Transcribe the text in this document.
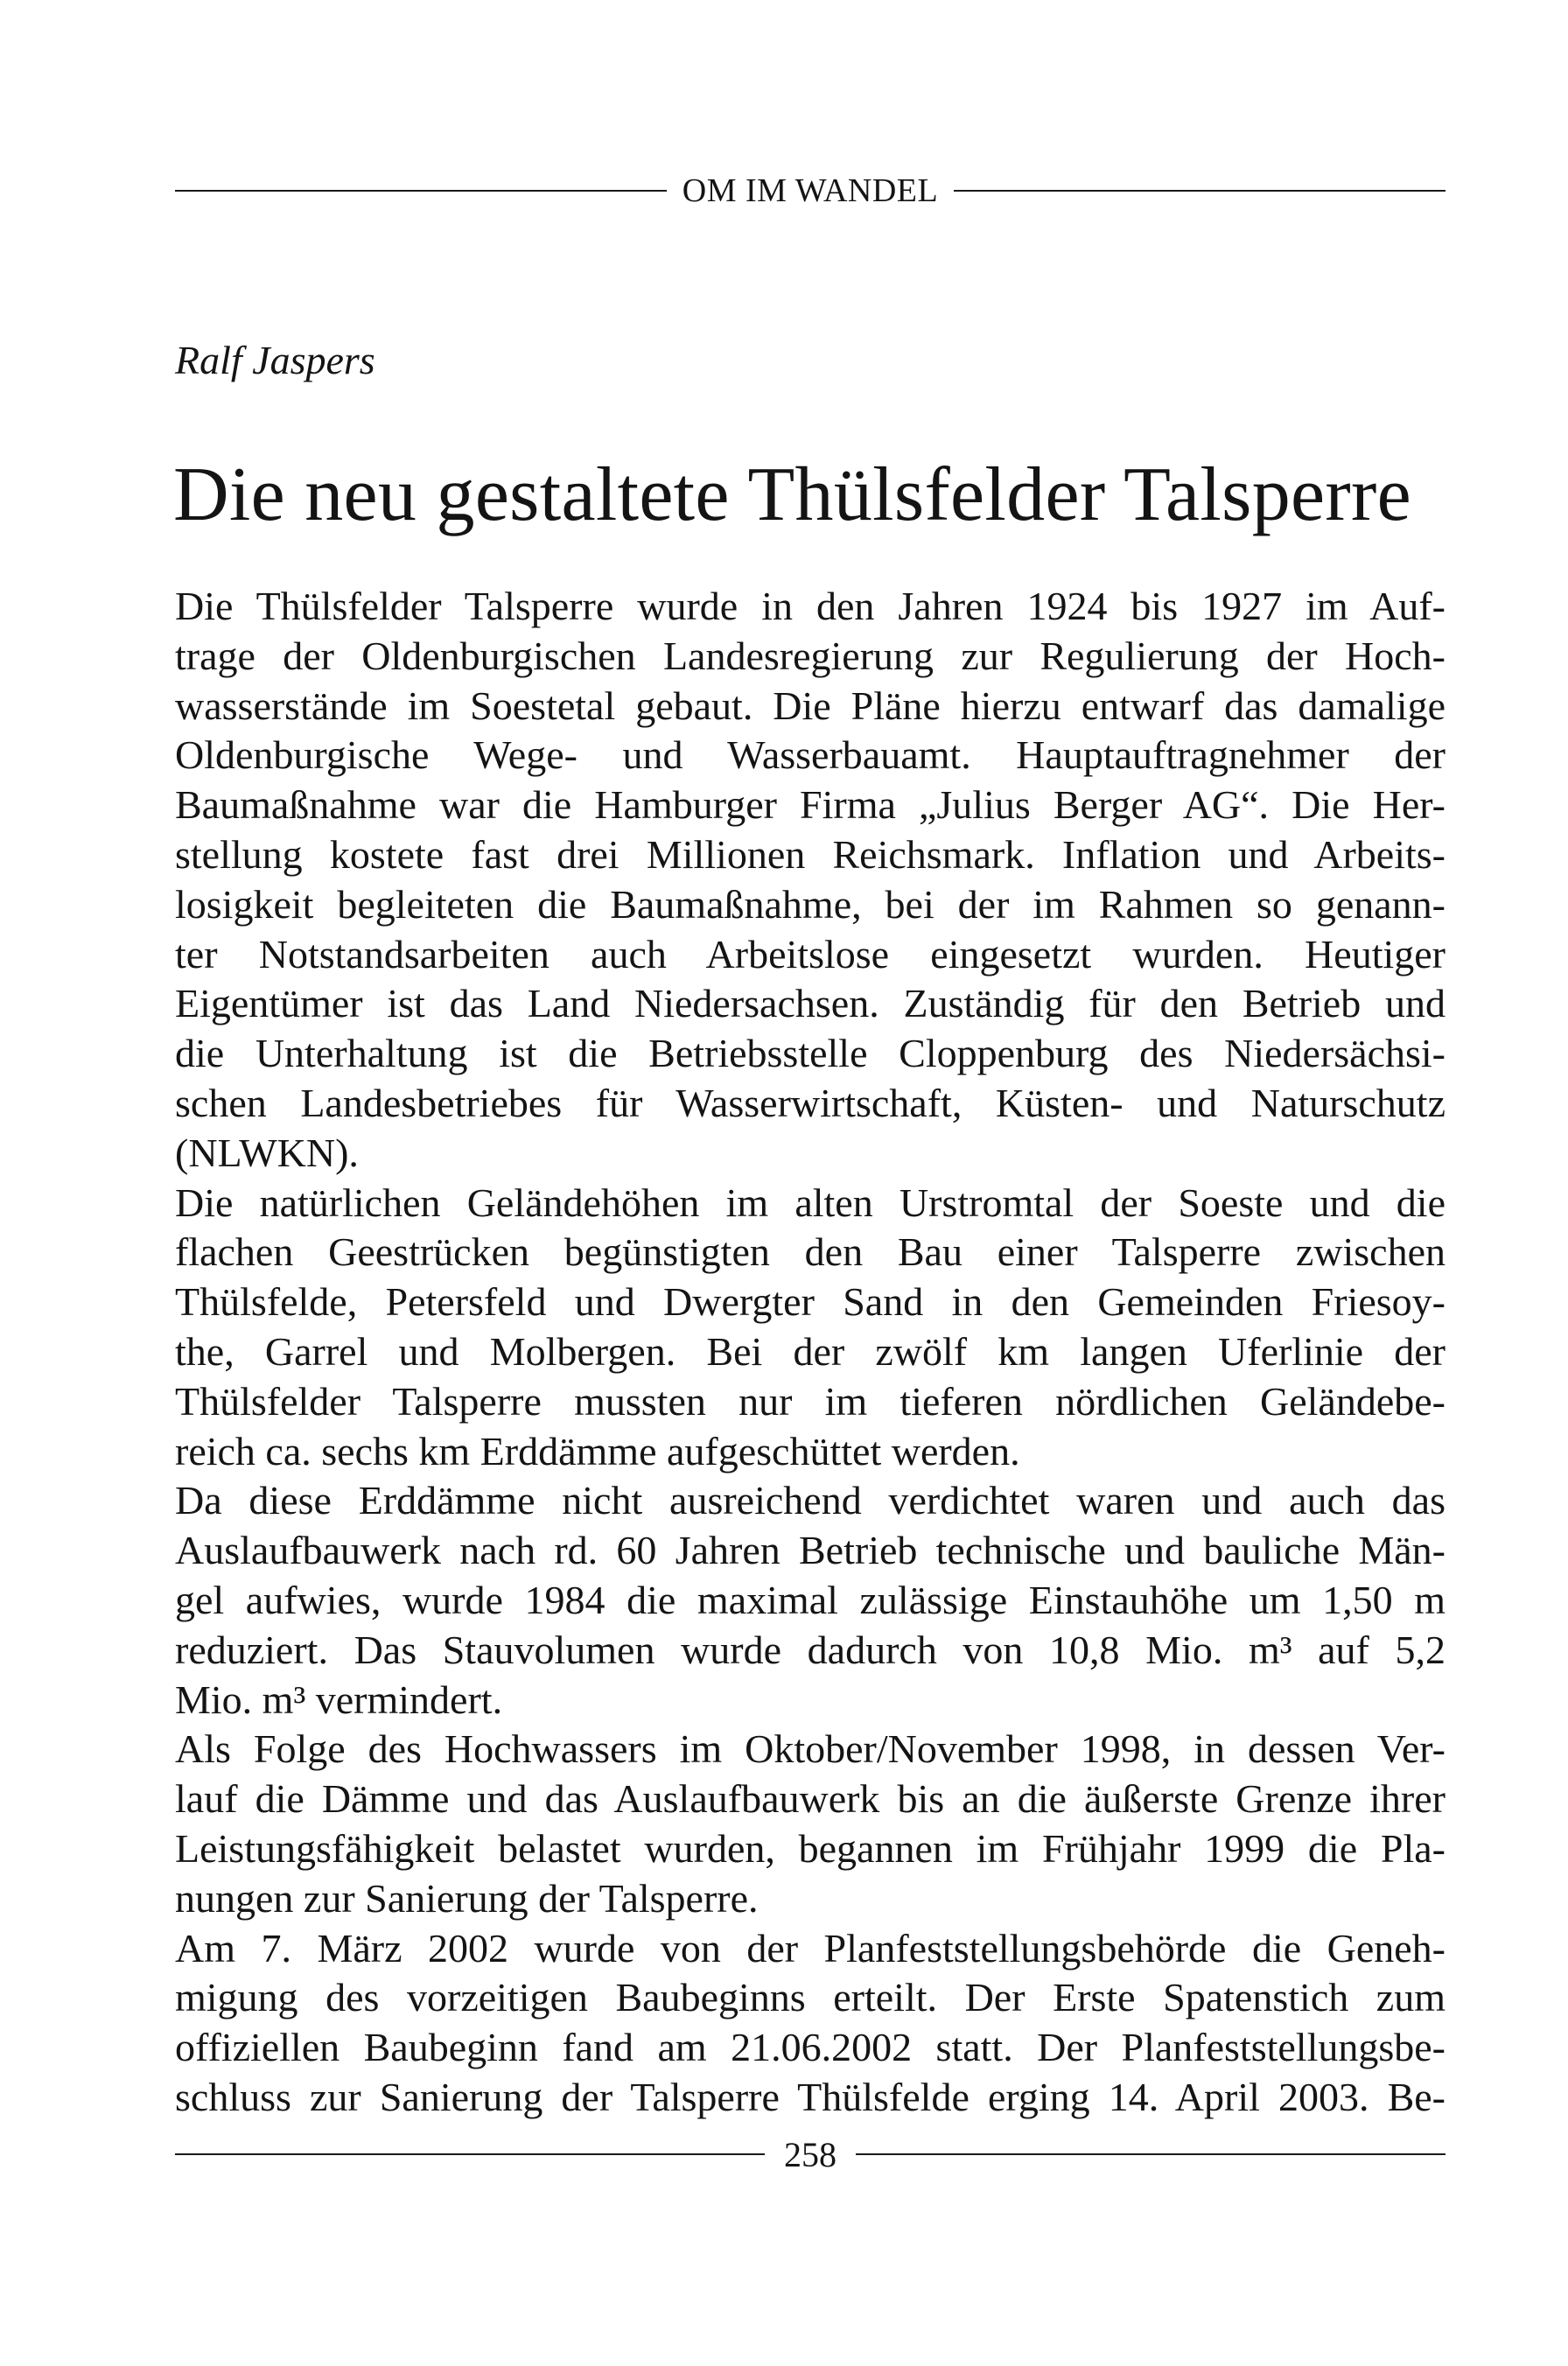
OM IM WANDEL
Ralf Jaspers
Die neu gestaltete Thülsfelder Talsperre
Die Thülsfelder Talsperre wurde in den Jahren 1924 bis 1927 im Auf-
trage der Oldenburgischen Landesregierung zur Regulierung der Hoch-
wasserstände im Soestetal gebaut. Die Pläne hierzu entwarf das damalige
Oldenburgische Wege- und Wasserbauamt. Hauptauftragnehmer der
Baumaßnahme war die Hamburger Firma „Julius Berger AG“. Die Her-
stellung kostete fast drei Millionen Reichsmark. Inflation und Arbeits-
losigkeit begleiteten die Baumaßnahme, bei der im Rahmen so genann-
ter Notstandsarbeiten auch Arbeitslose eingesetzt wurden. Heutiger
Eigentümer ist das Land Niedersachsen. Zuständig für den Betrieb und
die Unterhaltung ist die Betriebsstelle Cloppenburg des Niedersächsi-
schen Landesbetriebes für Wasserwirtschaft, Küsten- und Naturschutz
(NLWKN).
Die natürlichen Geländehöhen im alten Urstromtal der Soeste und die
flachen Geestrücken begünstigten den Bau einer Talsperre zwischen
Thülsfelde, Petersfeld und Dwergter Sand in den Gemeinden Friesoy-
the, Garrel und Molbergen. Bei der zwölf km langen Uferlinie der
Thülsfelder Talsperre mussten nur im tieferen nördlichen Geländebe-
reich ca. sechs km Erddämme aufgeschüttet werden.
Da diese Erddämme nicht ausreichend verdichtet waren und auch das
Auslaufbauwerk nach rd. 60 Jahren Betrieb technische und bauliche Män-
gel aufwies, wurde 1984 die maximal zulässige Einstauhöhe um 1,50 m
reduziert. Das Stauvolumen wurde dadurch von 10,8 Mio. m³ auf 5,2
Mio. m³ vermindert.
Als Folge des Hochwassers im Oktober/November 1998, in dessen Ver-
lauf die Dämme und das Auslaufbauwerk bis an die äußerste Grenze ihrer
Leistungsfähigkeit belastet wurden, begannen im Frühjahr 1999 die Pla-
nungen zur Sanierung der Talsperre.
Am 7. März 2002 wurde von der Planfeststellungsbehörde die Geneh-
migung des vorzeitigen Baubeginns erteilt. Der Erste Spatenstich zum
offiziellen Baubeginn fand am 21.06.2002 statt. Der Planfeststellungsbe-
schluss zur Sanierung der Talsperre Thülsfelde erging 14. April 2003. Be-
258
